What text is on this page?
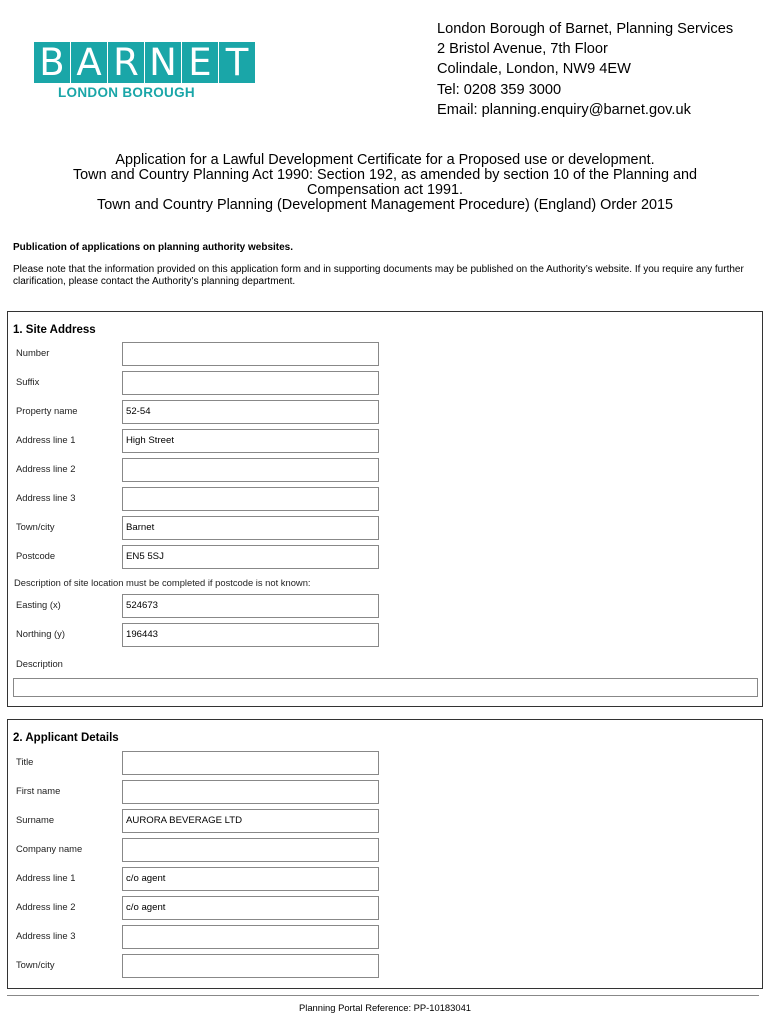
B A R N E T
LONDON BOROUGH
London Borough of Barnet, Planning Services
2 Bristol Avenue, 7th Floor
Colindale, London, NW9 4EW
Tel: 0208 359 3000
Email: planning.enquiry@barnet.gov.uk
Application for a Lawful Development Certificate for a Proposed use or development.
Town and Country Planning Act 1990: Section 192, as amended by section 10 of the Planning and
Compensation act 1991.
Town and Country Planning (Development Management Procedure) (England) Order 2015
Publication of applications on planning authority websites.
Please note that the information provided on this application form and in supporting documents may be published on the Authority’s website. If you require any further clarification, please contact the Authority’s planning department.
1. Site Address
Number
Suffix
Property name	52-54
Address line 1	High Street
Address line 2
Address line 3
Town/city	Barnet
Postcode	EN5 5SJ
Description of site location must be completed if postcode is not known:
Easting (x)	524673
Northing (y)	196443
Description
2. Applicant Details
Title
First name
Surname	AURORA BEVERAGE LTD
Company name
Address line 1	c/o agent
Address line 2	c/o agent
Address line 3
Town/city
Planning Portal Reference: PP-10183041
